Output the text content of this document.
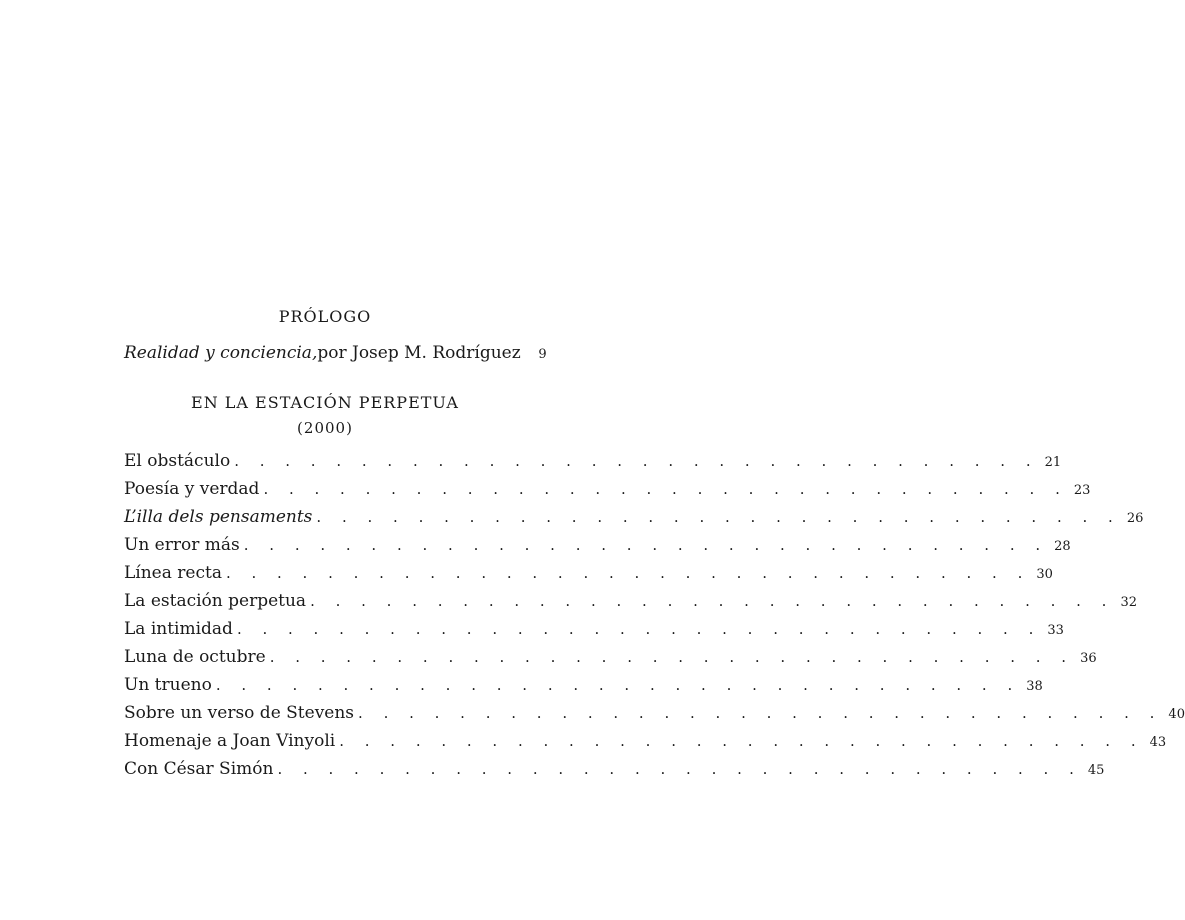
PRÓLOGO
Realidad y conciencia, por Josep M. Rodríguez	9
EN LA ESTACIÓN PERPETUA
(2000)
El obstáculo . . . . . . . . . . . . . . . . . . . . . . . . . . . . . . . . 21
Poesía y verdad . . . . . . . . . . . . . . . . . . . . . . . . . . . . . . . . 23
L’illa dels pensaments . . . . . . . . . . . . . . . . . . . . . . . . . . . . . . . . 26
Un error más . . . . . . . . . . . . . . . . . . . . . . . . . . . . . . . . 28
Línea recta . . . . . . . . . . . . . . . . . . . . . . . . . . . . . . . . 30
La estación perpetua . . . . . . . . . . . . . . . . . . . . . . . . . . . . . . . . 32
La intimidad . . . . . . . . . . . . . . . . . . . . . . . . . . . . . . . . 33
Luna de octubre . . . . . . . . . . . . . . . . . . . . . . . . . . . . . . . . 36
Un trueno . . . . . . . . . . . . . . . . . . . . . . . . . . . . . . . . 38
Sobre un verso de Stevens . . . . . . . . . . . . . . . . . . . . . . . . . . . . . . . . 40
Homenaje a Joan Vinyoli . . . . . . . . . . . . . . . . . . . . . . . . . . . . . . . . 43
Con César Simón . . . . . . . . . . . . . . . . . . . . . . . . . . . . . . . . 45
